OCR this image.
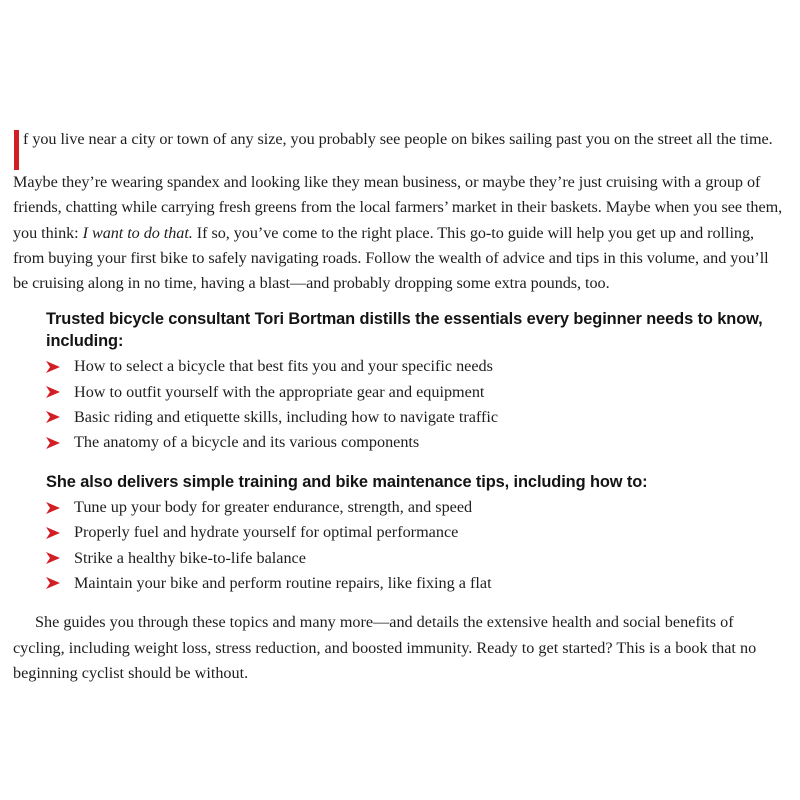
f you live near a city or town of any size, you probably see people on bikes sailing past you on the street all the time. Maybe they’re wearing spandex and looking like they mean business, or maybe they’re just cruising with a group of friends, chatting while carrying fresh greens from the local farmers’ market in their baskets. Maybe when you see them, you think: I want to do that. If so, you’ve come to the right place. This go-to guide will help you get up and rolling, from buying your first bike to safely navigating roads. Follow the wealth of advice and tips in this volume, and you’ll be cruising along in no time, having a blast—and probably dropping some extra pounds, too.

Trusted bicycle consultant Tori Bortman distills the essentials every beginner needs to know, including:
How to select a bicycle that best fits you and your specific needs
How to outfit yourself with the appropriate gear and equipment
Basic riding and etiquette skills, including how to navigate traffic
The anatomy of a bicycle and its various components
She also delivers simple training and bike maintenance tips, including how to:
Tune up your body for greater endurance, strength, and speed
Properly fuel and hydrate yourself for optimal performance
Strike a healthy bike-to-life balance
Maintain your bike and perform routine repairs, like fixing a flat

She guides you through these topics and many more—and details the extensive health and social benefits of cycling, including weight loss, stress reduction, and boosted immunity. Ready to get started? This is a book that no beginning cyclist should be without.
